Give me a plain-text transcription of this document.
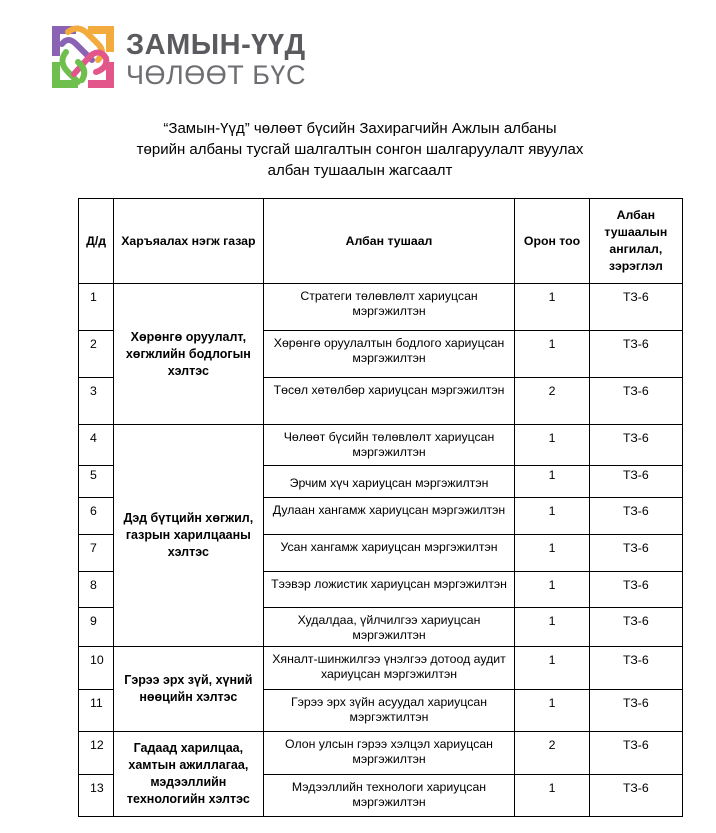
ЗАМЫН-ҮҮД
ЧӨЛӨӨТ БҮС
“Замын-Үүд” чөлөөт бүсийн Захирагчийн Ажлын албаны
төрийн албаны тусгай шалгалтын сонгон шалгаруулалт явуулах
албан тушаалын жагсаалт
Д/д	Харъяалах нэгж газар	Албан тушаал	Орон тоо	Албан тушаалын ангилал, зэрэглэл
1	Хөрөнгө оруулалт, хөгжлийн бодлогын хэлтэс	Стратеги төлөвлөлт хариуцсан мэргэжилтэн	1	ТЗ-6
2		Хөрөнгө оруулалтын бодлого хариуцсан мэргэжилтэн	1	ТЗ-6
3		Төсөл хөтөлбөр хариуцсан мэргэжилтэн	2	ТЗ-6
4	Дэд бүтцийн хөгжил, газрын харилцааны хэлтэс	Чөлөөт бүсийн төлөвлөлт хариуцсан мэргэжилтэн	1	ТЗ-6
5		Эрчим хүч хариуцсан мэргэжилтэн	1	ТЗ-6
6		Дулаан хангамж хариуцсан мэргэжилтэн	1	ТЗ-6
7		Усан хангамж хариуцсан мэргэжилтэн	1	ТЗ-6
8		Тээвэр ложистик хариуцсан мэргэжилтэн	1	ТЗ-6
9		Худалдаа, үйлчилгээ хариуцсан мэргэжилтэн	1	ТЗ-6
10	Гэрээ эрх зүй, хүний нөөцийн хэлтэс	Хяналт-шинжилгээ үнэлгээ дотоод аудит хариуцсан мэргэжилтэн	1	ТЗ-6
11		Гэрээ эрх зүйн асуудал хариуцсан мэргэжтилтэн	1	ТЗ-6
12	Гадаад харилцаа, хамтын ажиллагаа, мэдээллийн технологийн хэлтэс	Олон улсын гэрээ хэлцэл хариуцсан мэргэжилтэн	2	ТЗ-6
13		Мэдээллийн технологи хариуцсан мэргэжилтэн	1	ТЗ-6
